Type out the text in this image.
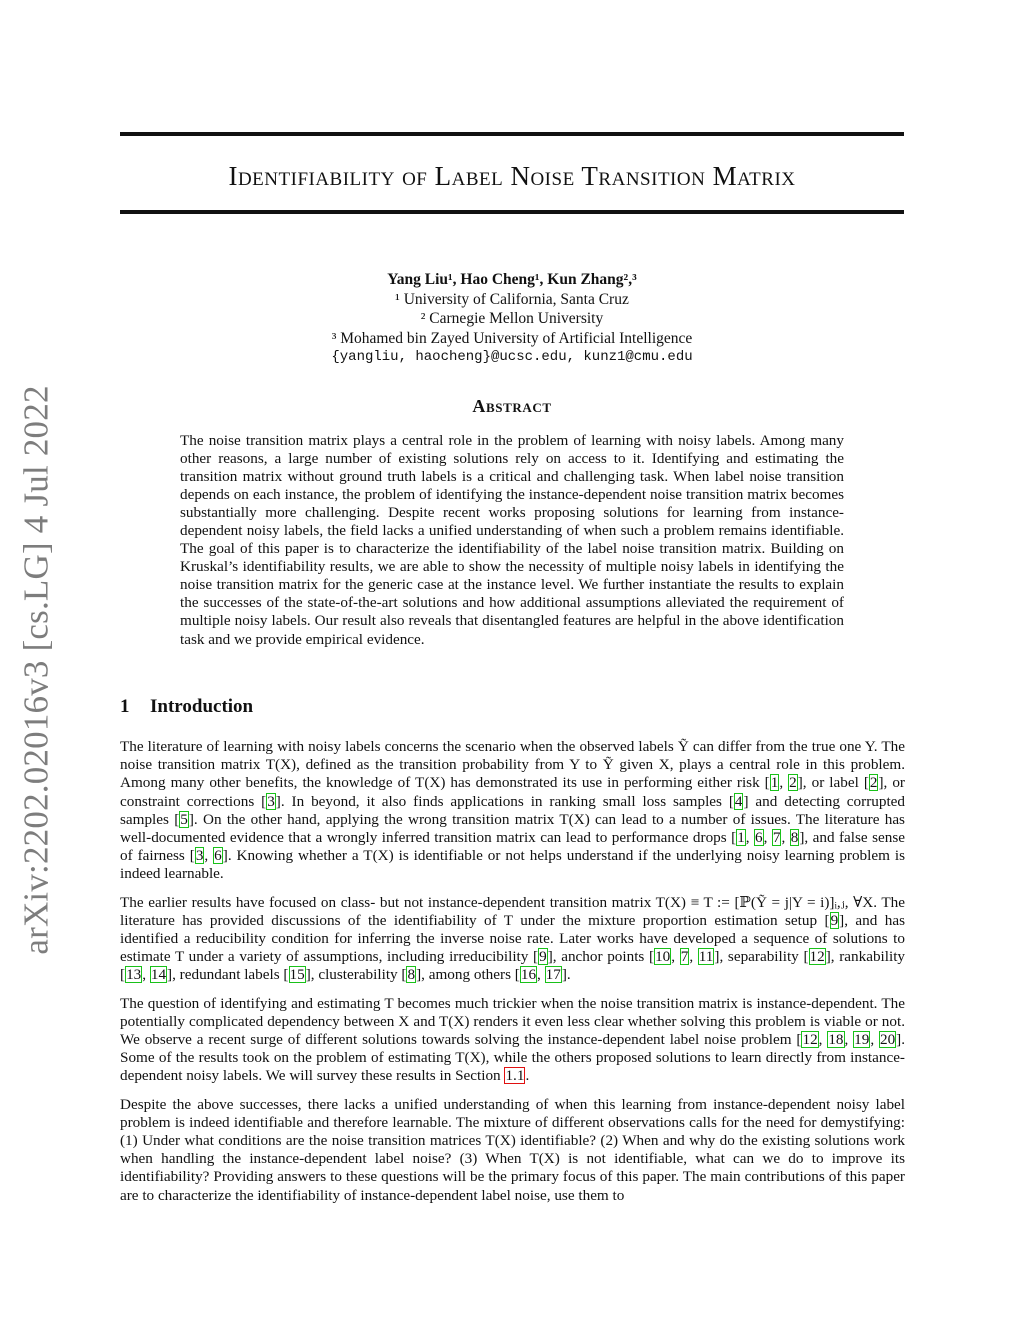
arXiv:2202.02016v3 [cs.LG] 4 Jul 2022
Identifiability of Label Noise Transition Matrix
Yang Liu¹, Hao Cheng¹, Kun Zhang²,³
¹ University of California, Santa Cruz
² Carnegie Mellon University
³ Mohamed bin Zayed University of Artificial Intelligence
{yangliu, haocheng}@ucsc.edu, kunz1@cmu.edu
Abstract
The noise transition matrix plays a central role in the problem of learning with noisy labels. Among many other reasons, a large number of existing solutions rely on access to it. Identifying and estimating the transition matrix without ground truth labels is a critical and challenging task. When label noise transition depends on each instance, the problem of identifying the instance-dependent noise transition matrix becomes substantially more challenging. Despite recent works proposing solutions for learning from instance-dependent noisy labels, the field lacks a unified understanding of when such a problem remains identifiable. The goal of this paper is to characterize the identifiability of the label noise transition matrix. Building on Kruskal’s identifiability results, we are able to show the necessity of multiple noisy labels in identifying the noise transition matrix for the generic case at the instance level. We further instantiate the results to explain the successes of the state-of-the-art solutions and how additional assumptions alleviated the requirement of multiple noisy labels. Our result also reveals that disentangled features are helpful in the above identification task and we provide empirical evidence.
1 Introduction

The literature of learning with noisy labels concerns the scenario when the observed labels Ỹ can differ from the true one Y. The noise transition matrix T(X), defined as the transition probability from Y to Ỹ given X, plays a central role in this problem. Among many other benefits, the knowledge of T(X) has demonstrated its use in performing either risk [1, 2], or label [2], or constraint corrections [3]. In beyond, it also finds applications in ranking small loss samples [4] and detecting corrupted samples [5]. On the other hand, applying the wrong transition matrix T(X) can lead to a number of issues. The literature has well-documented evidence that a wrongly inferred transition matrix can lead to performance drops [1, 6, 7, 8], and false sense of fairness [3, 6]. Knowing whether a T(X) is identifiable or not helps understand if the underlying noisy learning problem is indeed learnable.

The earlier results have focused on class- but not instance-dependent transition matrix T(X) ≡ T := [ℙ(Ỹ = j|Y = i)]ᵢ,ⱼ, ∀X. The literature has provided discussions of the identifiability of T under the mixture proportion estimation setup [9], and has identified a reducibility condition for inferring the inverse noise rate. Later works have developed a sequence of solutions to estimate T under a variety of assumptions, including irreducibility [9], anchor points [10, 7, 11], separability [12], rankability [13, 14], redundant labels [15], clusterability [8], among others [16, 17].

The question of identifying and estimating T becomes much trickier when the noise transition matrix is instance-dependent. The potentially complicated dependency between X and T(X) renders it even less clear whether solving this problem is viable or not. We observe a recent surge of different solutions towards solving the instance-dependent label noise problem [12, 18, 19, 20]. Some of the results took on the problem of estimating T(X), while the others proposed solutions to learn directly from instance-dependent noisy labels. We will survey these results in Section 1.1.

Despite the above successes, there lacks a unified understanding of when this learning from instance-dependent noisy label problem is indeed identifiable and therefore learnable. The mixture of different observations calls for the need for demystifying: (1) Under what conditions are the noise transition matrices T(X) identifiable? (2) When and why do the existing solutions work when handling the instance-dependent label noise? (3) When T(X) is not identifiable, what can we do to improve its identifiability? Providing answers to these questions will be the primary focus of this paper. The main contributions of this paper are to characterize the identifiability of instance-dependent label noise, use them to
